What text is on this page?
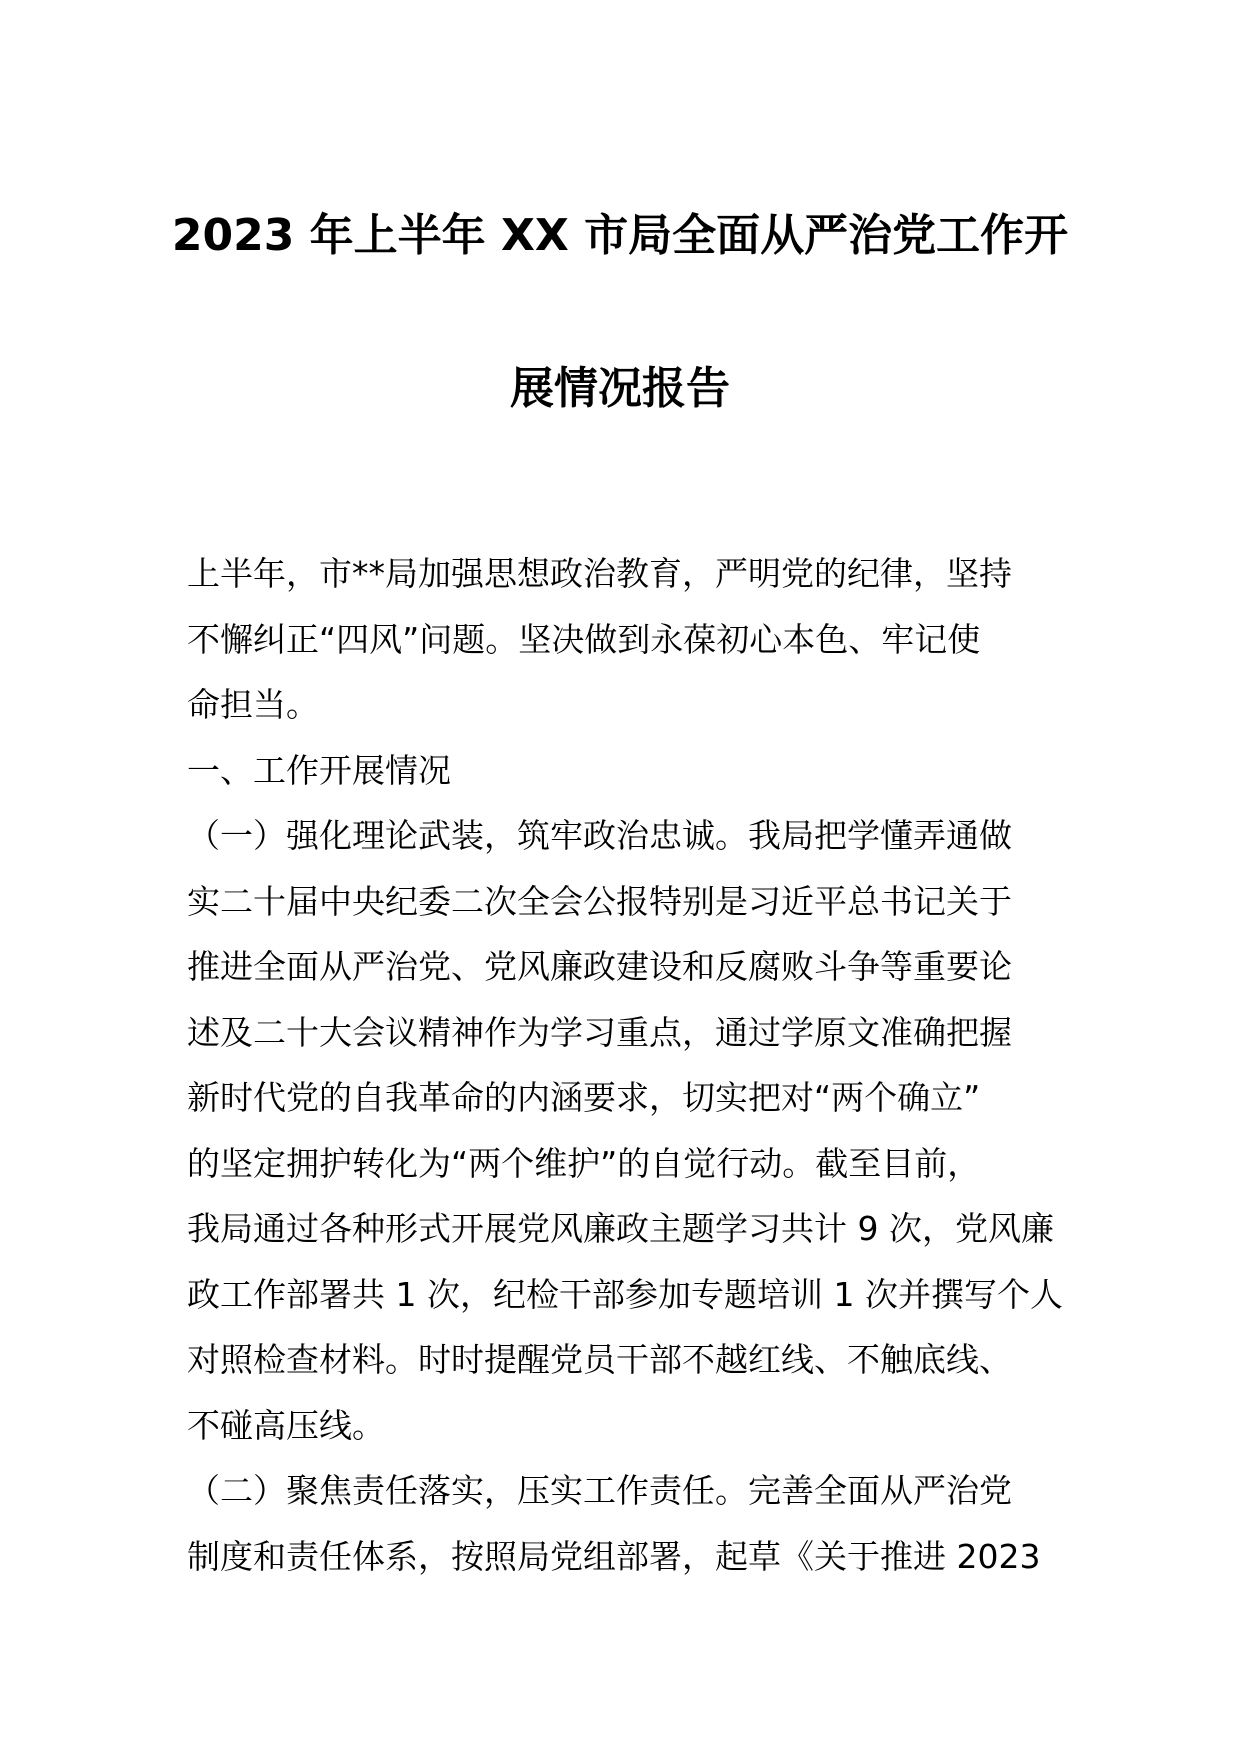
2023 年上半年 XX 市局全面从严治党工作开
展情况报告
上半年，市**局加强思想政治教育，严明党的纪律，坚持
不懈纠正“四风”问题。坚决做到永葆初心本色、牢记使
命担当。
一、工作开展情况
（一）强化理论武装，筑牢政治忠诚。我局把学懂弄通做
实二十届中央纪委二次全会公报特别是习近平总书记关于
推进全面从严治党、党风廉政建设和反腐败斗争等重要论
述及二十大会议精神作为学习重点，通过学原文准确把握
新时代党的自我革命的内涵要求，切实把对“两个确立”
的坚定拥护转化为“两个维护”的自觉行动。截至目前，
我局通过各种形式开展党风廉政主题学习共计 9 次，党风廉
政工作部署共 1 次，纪检干部参加专题培训 1 次并撰写个人
对照检查材料。时时提醒党员干部不越红线、不触底线、
不碰高压线。
（二）聚焦责任落实，压实工作责任。完善全面从严治党
制度和责任体系，按照局党组部署，起草《关于推进 2023
